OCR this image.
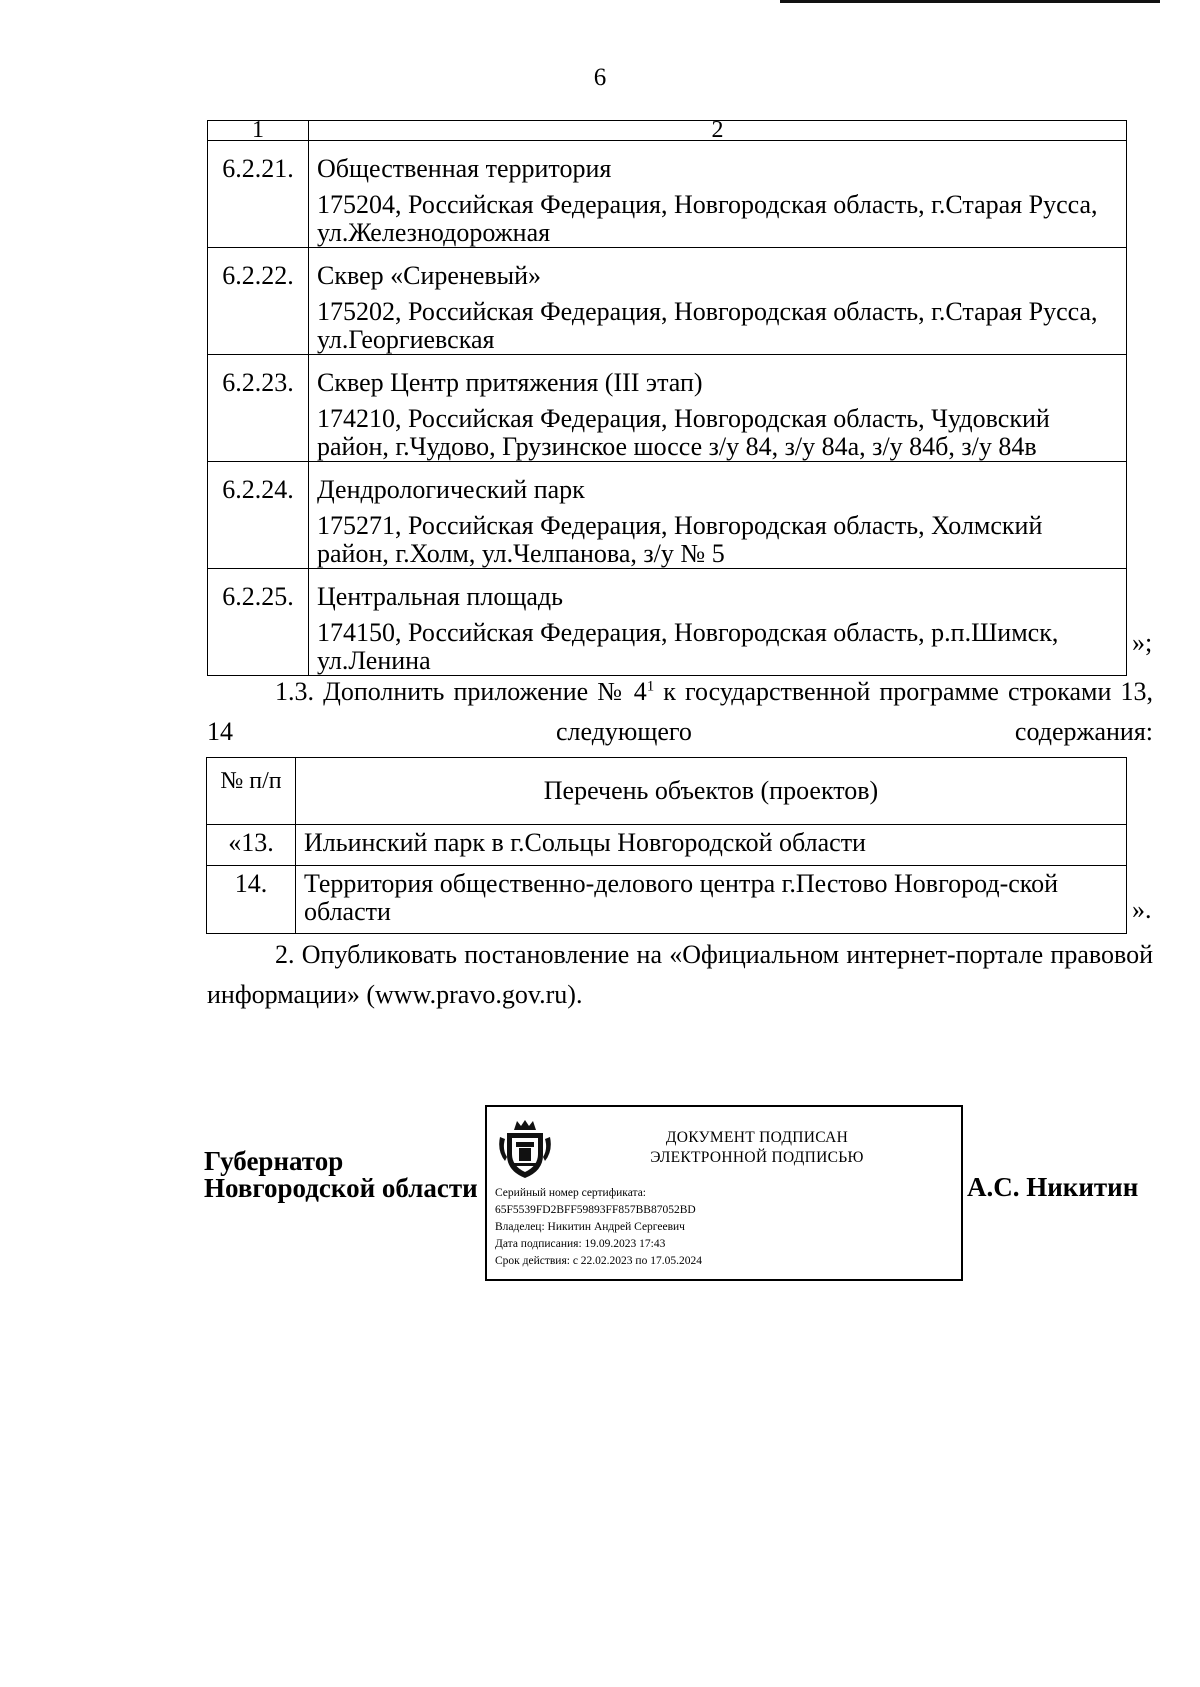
6
1	2
6.2.21.	Общественная территория
175204, Российская Федерация, Новгородская область, г.Старая Русса, ул.Железнодорожная

6.2.22.	Сквер «Сиреневый»
175202, Российская Федерация, Новгородская область, г.Старая Русса, ул.Георгиевская

6.2.23.	Сквер Центр притяжения (III этап)
174210, Российская Федерация, Новгородская область, Чудовский район, г.Чудово, Грузинское шоссе з/у 84, з/у 84а, з/у 84б, з/у 84в

6.2.24.	Дендрологический парк
175271, Российская Федерация, Новгородская область, Холмский район, г.Холм, ул.Челпанова, з/у № 5

6.2.25.	Центральная площадь
174150, Российская Федерация, Новгородская область, р.п.Шимск, ул.Ленина
»;
1.3. Дополнить приложение № $4^1$ к государственной программе строками 13, 14 следующего содержания:
№ п/п	Перечень объектов (проектов)
«13.	Ильинский парк в г.Сольцы Новгородской области
14.	Территория общественно-делового центра г.Пестово Новгород-ской области	».
2. Опубликовать постановление на «Официальном интернет-портале правовой информации» (www.pravo.gov.ru).
Губернатор
Новгородской области
ДОКУМЕНТ ПОДПИСАН
ЭЛЕКТРОННОЙ ПОДПИСЬЮ
Серийный номер сертификата:
65F5539FD2BFF59893FF857BB87052BD
Владелец: Никитин Андрей Сергеевич
Дата подписания: 19.09.2023 17:43
Срок действия: с 22.02.2023 по 17.05.2024
А.С. Никитин
